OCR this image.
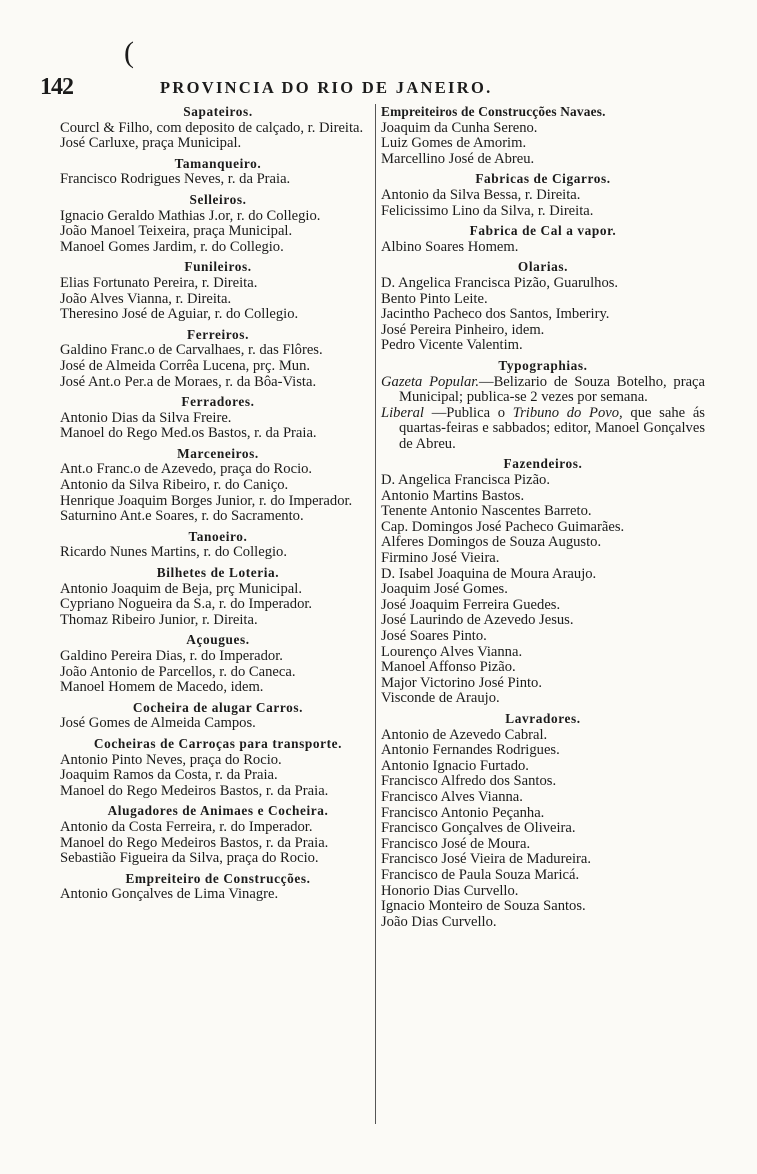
(
142	PROVINCIA DO RIO DE JANEIRO.
Sapateiros.
Courcl & Filho, com deposito de calçado, r. Direita.
José Carluxe, praça Municipal.
Tamanqueiro.
Francisco Rodrigues Neves, r. da Praia.
Selleiros.
Ignacio Geraldo Mathias J.or, r. do Collegio.
João Manoel Teixeira, praça Municipal.
Manoel Gomes Jardim, r. do Collegio.
Funileiros.
Elias Fortunato Pereira, r. Direita.
João Alves Vianna, r. Direita.
Theresino José de Aguiar, r. do Collegio.
Ferreiros.
Galdino Franc.o de Carvalhaes, r. das Flôres.
José de Almeida Corrêa Lucena, prç. Mun.
José Ant.o Per.a de Moraes, r. da Bôa-Vista.
Ferradores.
Antonio Dias da Silva Freire.
Manoel do Rego Med.os Bastos, r. da Praia.
Marceneiros.
Ant.o Franc.o de Azevedo, praça do Rocio.
Antonio da Silva Ribeiro, r. do Caniço.
Henrique Joaquim Borges Junior, r. do Imperador.
Saturnino Ant.e Soares, r. do Sacramento.
Tanoeiro.
Ricardo Nunes Martins, r. do Collegio.
Bilhetes de Loteria.
Antonio Joaquim de Beja, prç Municipal.
Cypriano Nogueira da S.a, r. do Imperador.
Thomaz Ribeiro Junior, r. Direita.
Açougues.
Galdino Pereira Dias, r. do Imperador.
João Antonio de Parcellos, r. do Caneca.
Manoel Homem de Macedo, idem.
Cocheira de alugar Carros.
José Gomes de Almeida Campos.
Cocheiras de Carroças para transporte.
Antonio Pinto Neves, praça do Rocio.
Joaquim Ramos da Costa, r. da Praia.
Manoel do Rego Medeiros Bastos, r. da Praia.
Alugadores de Animaes e Cocheira.
Antonio da Costa Ferreira, r. do Imperador.
Manoel do Rego Medeiros Bastos, r. da Praia.
Sebastião Figueira da Silva, praça do Rocio.
Empreiteiro de Construcções.
Antonio Gonçalves de Lima Vinagre.
Empreiteiros de Construcções Navaes.
Joaquim da Cunha Sereno.
Luiz Gomes de Amorim.
Marcellino José de Abreu.
Fabricas de Cigarros.
Antonio da Silva Bessa, r. Direita.
Felicissimo Lino da Silva, r. Direita.
Fabrica de Cal a vapor.
Albino Soares Homem.
Olarias.
D. Angelica Francisca Pizão, Guarulhos.
Bento Pinto Leite.
Jacintho Pacheco dos Santos, Imberiry.
José Pereira Pinheiro, idem.
Pedro Vicente Valentim.
Typographias.
Gazeta Popular.—Belizario de Souza Botelho, praça Municipal; publica-se 2 vezes por semana.
Liberal —Publica o Tribuno do Povo, que sahe ás quartas-feiras e sabbados; editor, Manoel Gonçalves de Abreu.
Fazendeiros.
D. Angelica Francisca Pizão.
Antonio Martins Bastos.
Tenente Antonio Nascentes Barreto.
Cap. Domingos José Pacheco Guimarães.
Alferes Domingos de Souza Augusto.
Firmino José Vieira.
D. Isabel Joaquina de Moura Araujo.
Joaquim José Gomes.
José Joaquim Ferreira Guedes.
José Laurindo de Azevedo Jesus.
José Soares Pinto.
Lourenço Alves Vianna.
Manoel Affonso Pizão.
Major Victorino José Pinto.
Visconde de Araujo.
Lavradores.
Antonio de Azevedo Cabral.
Antonio Fernandes Rodrigues.
Antonio Ignacio Furtado.
Francisco Alfredo dos Santos.
Francisco Alves Vianna.
Francisco Antonio Peçanha.
Francisco Gonçalves de Oliveira.
Francisco José de Moura.
Francisco José Vieira de Madureira.
Francisco de Paula Souza Maricá.
Honorio Dias Curvello.
Ignacio Monteiro de Souza Santos.
João Dias Curvello.
